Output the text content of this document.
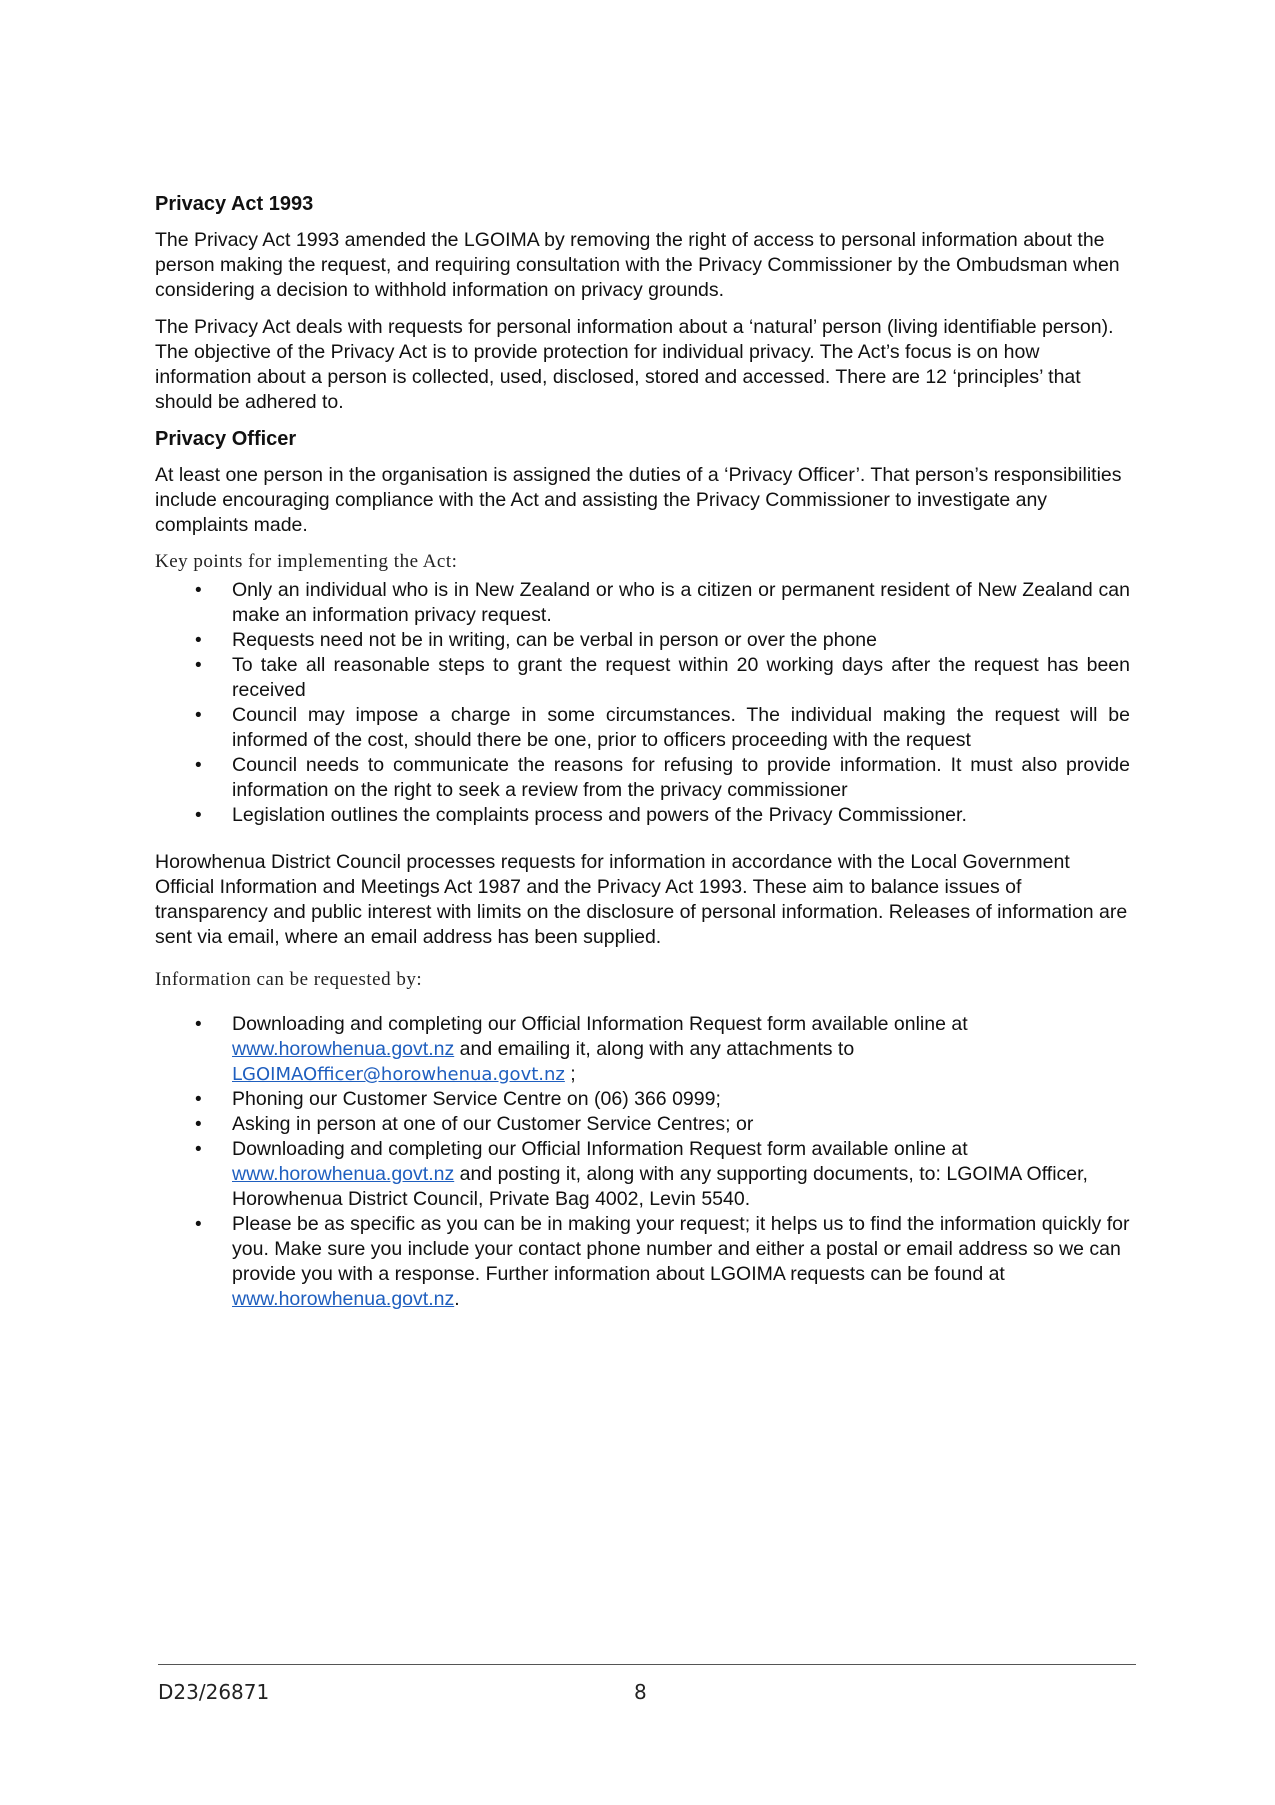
Privacy Act 1993

The Privacy Act 1993 amended the LGOIMA by removing the right of access to personal information about the person making the request, and requiring consultation with the Privacy Commissioner by the Ombudsman when considering a decision to withhold information on privacy grounds.

The Privacy Act deals with requests for personal information about a ‘natural’ person (living identifiable person). The objective of the Privacy Act is to provide protection for individual privacy. The Act’s focus is on how information about a person is collected, used, disclosed, stored and accessed. There are 12 ‘principles’ that should be adhered to.

Privacy Officer

At least one person in the organisation is assigned the duties of a ‘Privacy Officer’. That person’s responsibilities include encouraging compliance with the Act and assisting the Privacy Commissioner to investigate any complaints made.

Key points for implementing the Act:
• Only an individual who is in New Zealand or who is a citizen or permanent resident of New Zealand can make an information privacy request.
• Requests need not be in writing, can be verbal in person or over the phone
• To take all reasonable steps to grant the request within 20 working days after the request has been received
• Council may impose a charge in some circumstances. The individual making the request will be informed of the cost, should there be one, prior to officers proceeding with the request
• Council needs to communicate the reasons for refusing to provide information. It must also provide information on the right to seek a review from the privacy commissioner
• Legislation outlines the complaints process and powers of the Privacy Commissioner.

Horowhenua District Council processes requests for information in accordance with the Local Government Official Information and Meetings Act 1987 and the Privacy Act 1993. These aim to balance issues of transparency and public interest with limits on the disclosure of personal information. Releases of information are sent via email, where an email address has been supplied.

Information can be requested by:
• Downloading and completing our Official Information Request form available online at www.horowhenua.govt.nz and emailing it, along with any attachments to LGOIMAOfficer@horowhenua.govt.nz ;
• Phoning our Customer Service Centre on (06) 366 0999;
• Asking in person at one of our Customer Service Centres; or
• Downloading and completing our Official Information Request form available online at www.horowhenua.govt.nz and posting it, along with any supporting documents, to: LGOIMA Officer, Horowhenua District Council, Private Bag 4002, Levin 5540.
• Please be as specific as you can be in making your request; it helps us to find the information quickly for you. Make sure you include your contact phone number and either a postal or email address so we can provide you with a response. Further information about LGOIMA requests can be found at www.horowhenua.govt.nz.
D23/26871	8
